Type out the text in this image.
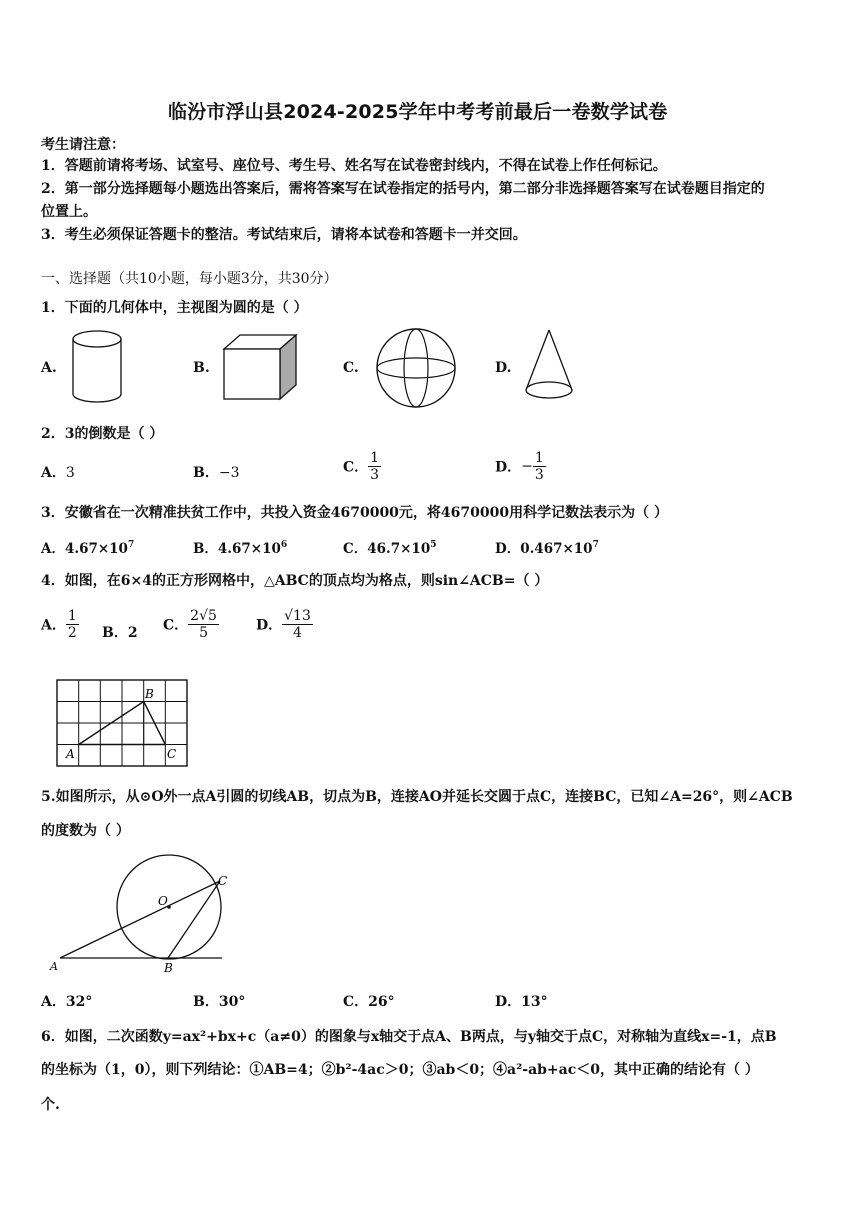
临汾市浮山县2024-2025学年中考考前最后一卷数学试卷
考生请注意：
1．答题前请将考场、试室号、座位号、考生号、姓名写在试卷密封线内，不得在试卷上作任何标记。
2．第一部分选择题每小题选出答案后，需将答案写在试卷指定的括号内，第二部分非选择题答案写在试卷题目指定的
位置上。
3．考生必须保证答题卡的整洁。考试结束后，请将本试卷和答题卡一并交回。
一、选择题（共10小题，每小题3分，共30分）
1．下面的几何体中，主视图为圆的是（ ）
A.	B.	C.	D.
2．3的倒数是（ ）
A．3	B．−3	C． $\frac{1}{3}$	D．− $\frac{1}{3}$
3．安徽省在一次精准扶贫工作中，共投入资金4670000元，将4670000用科学记数法表示为（ ）
A．$4.67\times 10^7$	B．$4.67\times 10^6$	C．$46.7\times 10^5$	D．$0.467\times 10^7$
4．如图，在6×4的正方形网格中，△ABC的顶点均为格点，则sin∠ACB=（ ）
A． $\frac{1}{2}$ B．2 C． $\frac{2√5}{5}$	D． $\frac{√13}{4}$
B
A	C
5.如图所示，从⊙O外一点A引圆的切线AB，切点为B，连接AO并延长交圆于点C，连接BC，已知∠A=26°，则∠ACB
的度数为（ ）
O
A	B
C
A．32°	B．30°	C．26°	D．13°
6．如图，二次函数y=ax²+bx+c（a≠0）的图象与x轴交于点A、B两点，与y轴交于点C，对称轴为直线x=-1，点B
的坐标为（1，0），则下列结论：①AB=4；②b²-4ac＞0；③ab＜0；④a²-ab+ac＜0，其中正确的结论有（ ）
个.
